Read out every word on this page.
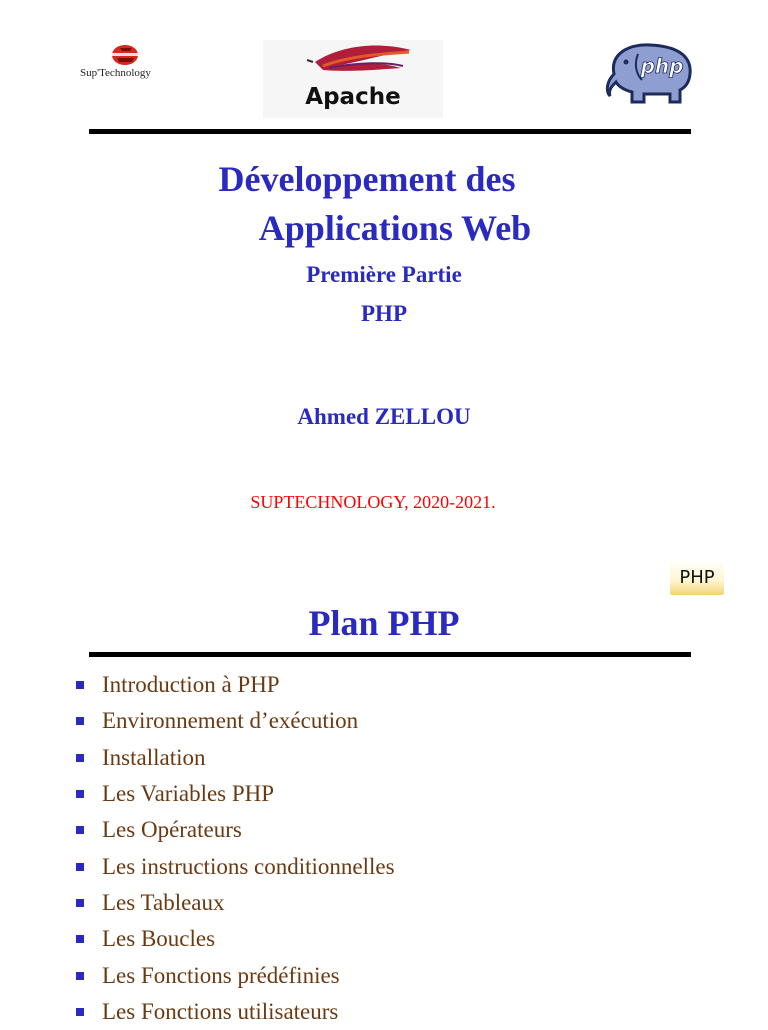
Sup'Technology
Apache
php
Développement des
Applications Web
Première Partie
PHP
Ahmed ZELLOU
SUPTECHNOLOGY, 2020-2021.
PHP
Plan PHP
Introduction à PHP
Environnement d’exécution
Installation
Les Variables PHP
Les Opérateurs
Les instructions conditionnelles
Les Tableaux
Les Boucles
Les Fonctions prédéfinies
Les Fonctions utilisateurs
